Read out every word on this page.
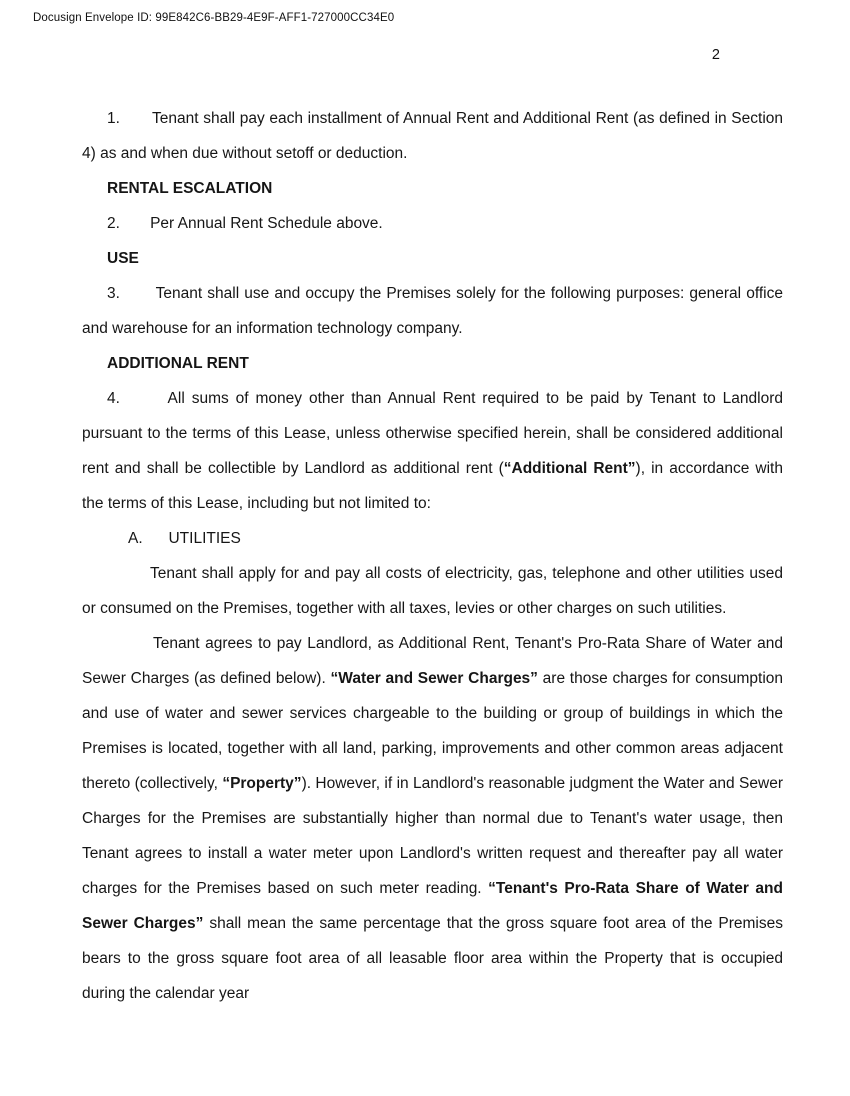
Docusign Envelope ID: 99E842C6-BB29-4E9F-AFF1-727000CC34E0
2

1.       Tenant shall pay each installment of Annual Rent and Additional Rent (as defined in Section 4) as and when due without setoff or deduction.

RENTAL ESCALATION

2.       Per Annual Rent Schedule above.

USE

3.       Tenant shall use and occupy the Premises solely for the following purposes: general office and warehouse for an information technology company.

ADDITIONAL RENT

4.       All sums of money other than Annual Rent required to be paid by Tenant to Landlord pursuant to the terms of this Lease, unless otherwise specified herein, shall be considered additional rent and shall be collectible by Landlord as additional rent (“Additional Rent”), in accordance with the terms of this Lease, including but not limited to:

A.      UTILITIES

Tenant shall apply for and pay all costs of electricity, gas, telephone and other utilities used or consumed on the Premises, together with all taxes, levies or other charges on such utilities.

Tenant agrees to pay Landlord, as Additional Rent, Tenant's Pro-Rata Share of Water and Sewer Charges (as defined below). “Water and Sewer Charges” are those charges for consumption and use of water and sewer services chargeable to the building or group of buildings in which the Premises is located, together with all land, parking, improvements and other common areas adjacent thereto (collectively, “Property”). However, if in Landlord's reasonable judgment the Water and Sewer Charges for the Premises are substantially higher than normal due to Tenant's water usage, then Tenant agrees to install a water meter upon Landlord's written request and thereafter pay all water charges for the Premises based on such meter reading. “Tenant's Pro-Rata Share of Water and Sewer Charges” shall mean the same percentage that the gross square foot area of the Premises bears to the gross square foot area of all leasable floor area within the Property that is occupied during the calendar year
